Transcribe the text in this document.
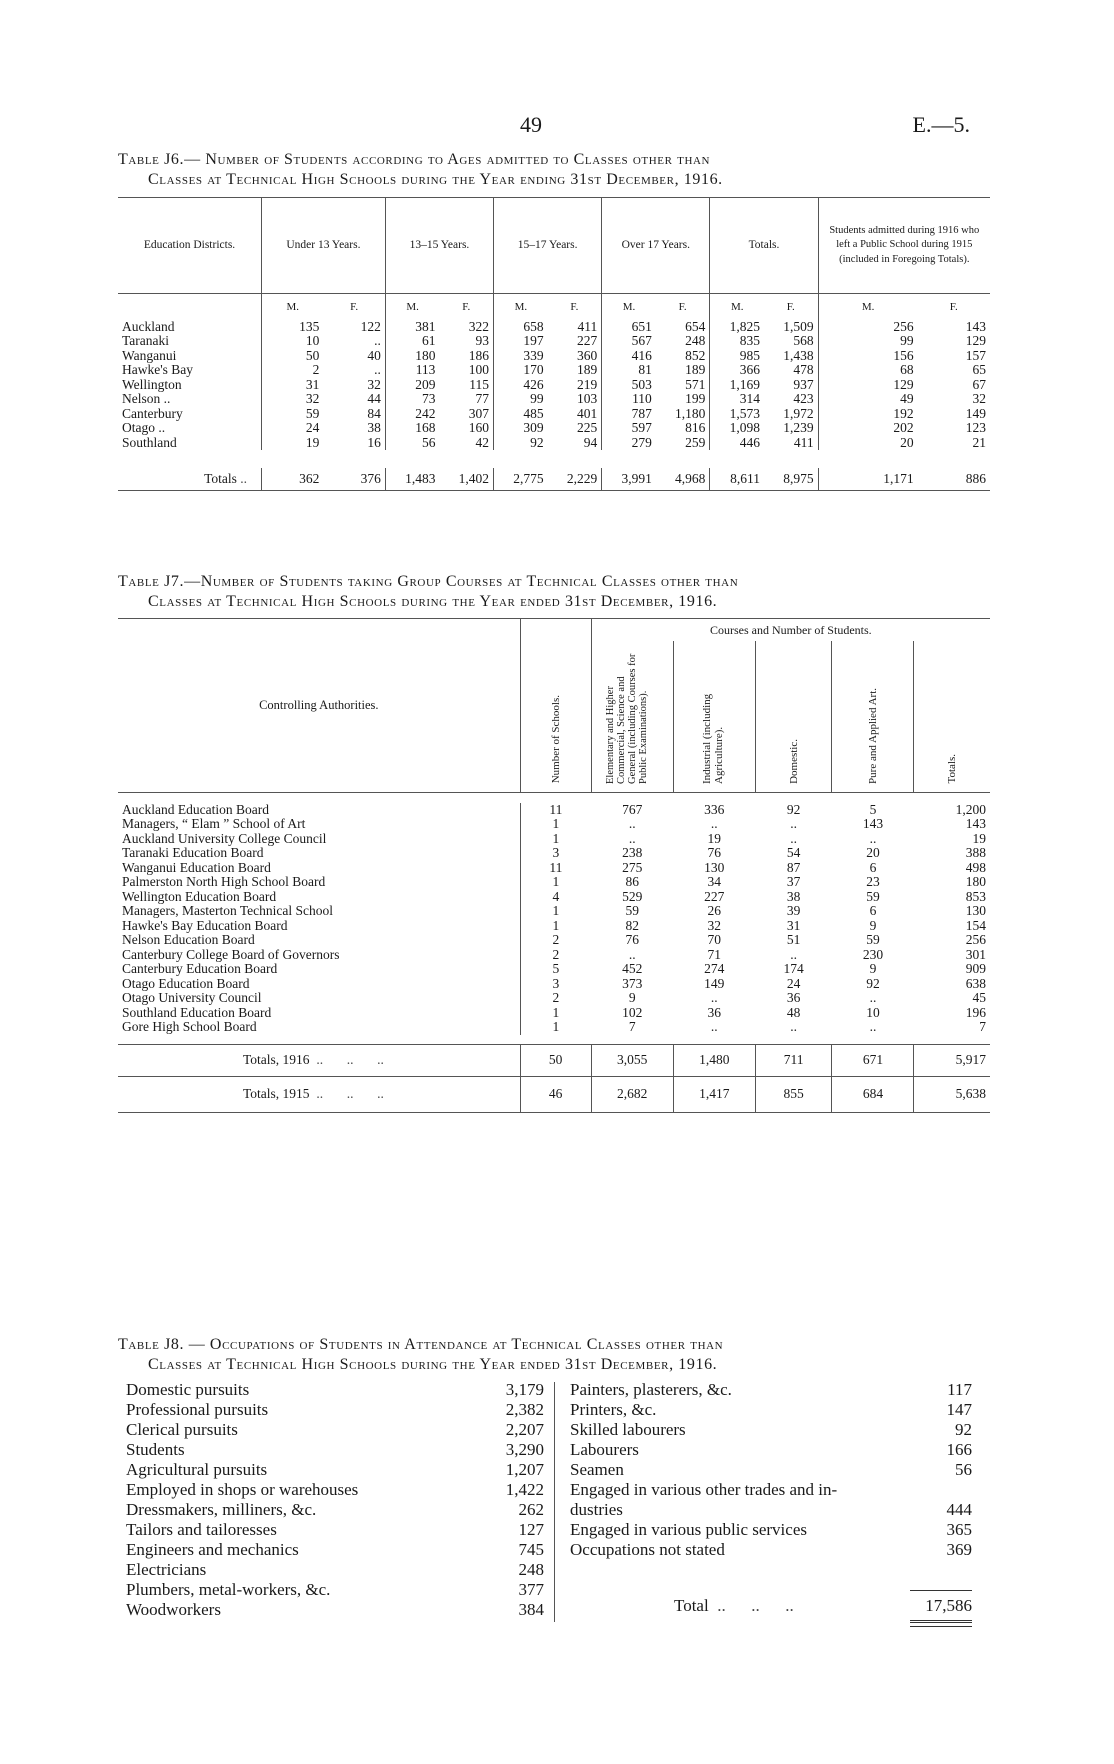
49	E.—5.
Table J6.— Number of Students according to Ages admitted to Classes other than
Classes at Technical High Schools during the Year ending 31st December, 1916.
Education Districts.	Under 13 Years.		13–15 Years.		15–17 Years.		Over 17 Years.		Totals.		Students admitted during 1916 who left a Public School during 1915 (included in Foregoing Totals).	
	M.	F.	M.	F.	M.	F.	M.	F.	M.	F.	M.	F.
Auckland	135	122	381	322	658	411	651	654	1,825	1,509	256	143
Taranaki	10	..	61	93	197	227	567	248	835	568	99	129
Wanganui	50	40	180	186	339	360	416	852	985	1,438	156	157
Hawke's Bay	2	..	113	100	170	189	81	189	366	478	68	65
Wellington	31	32	209	115	426	219	503	571	1,169	937	129	67
Nelson ..	32	44	73	77	99	103	110	199	314	423	49	32
Canterbury	59	84	242	307	485	401	787	1,180	1,573	1,972	192	149
Otago ..	24	38	168	160	309	225	597	816	1,098	1,239	202	123
Southland	19	16	56	42	92	94	279	259	446	411	20	21

Totals ..	362	376	1,483	1,402	2,775	2,229	3,991	4,968	8,611	8,975	1,171	886
Table J7.—Number of Students taking Group Courses at Technical Classes other than
Classes at Technical High Schools during the Year ended 31st December, 1916.
Controlling Authorities.	Number of Schools.	Courses and Number of Students.				
		Elementary and Higher Commercial, Science and General (including Courses for Public Examinations).	Industrial (including Agriculture).	Domestic.	Pure and Applied Art.	Totals.

Auckland Education Board	11	767	336	92	5	1,200
Managers, “ Elam ” School of Art	1	..	..	..	143	143
Auckland University College Council	1	..	19	..	..	19
Taranaki Education Board	3	238	76	54	20	388
Wanganui Education Board	11	275	130	87	6	498
Palmerston North High School Board	1	86	34	37	23	180
Wellington Education Board	4	529	227	38	59	853
Managers, Masterton Technical School	1	59	26	39	6	130
Hawke's Bay Education Board	1	82	32	31	9	154
Nelson Education Board	2	76	70	51	59	256
Canterbury College Board of Governors	2	..	71	..	230	301
Canterbury Education Board	5	452	274	174	9	909
Otago Education Board	3	373	149	24	92	638
Otago University Council	2	9	..	36	..	45
Southland Education Board	1	102	36	48	10	196
Gore High School Board	1	7	..	..	..	7

Totals, 1916  ..       ..       ..	50	3,055	1,480	711	671	5,917
Totals, 1915  ..       ..       ..	46	2,682	1,417	855	684	5,638
Table J8. — Occupations of Students in Attendance at Technical Classes other than
Classes at Technical High Schools during the Year ended 31st December, 1916.
Domestic pursuits	3,179
Professional pursuits	2,382
Clerical pursuits	2,207
Students	3,290
Agricultural pursuits	1,207
Employed in shops or warehouses	1,422
Dressmakers, milliners, &c.	262
Tailors and tailoresses	127
Engineers and mechanics	745
Electricians	248
Plumbers, metal-workers, &c.	377
Woodworkers	384
Painters, plasterers, &c.	117
Printers, &c.	147
Skilled labourers	92
Labourers	166
Seamen	56
Engaged in various other trades and in-
dustries	444
Engaged in various public services	365
Occupations not stated	369
Total  ..      ..      ..	17,586
